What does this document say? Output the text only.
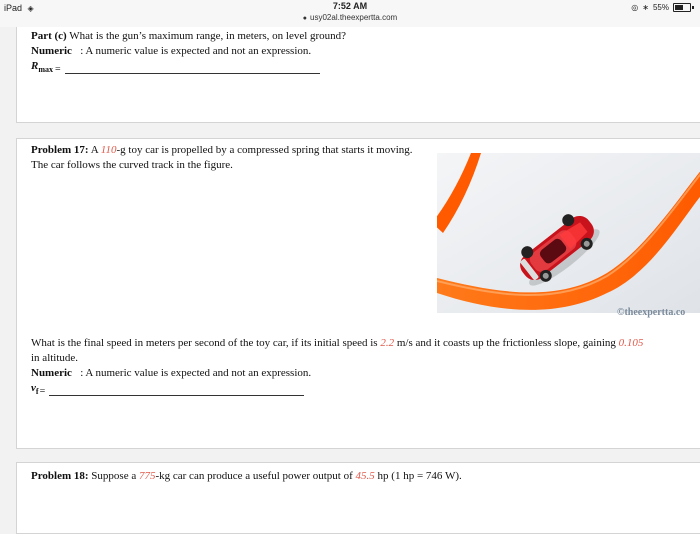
iPad ◈	7:52 AM
● usy02al.theexpertta.com
◎ ∗ 55%
Part (c) What is the gun’s maximum range, in meters, on level ground?
Numeric : A numeric value is expected and not an expression.
$R_{max}$ =
Problem 17: A 110-g toy car is propelled by a compressed spring that starts it moving. The car follows the curved track in the figure.
©theexpertta.co
What is the final speed in meters per second of the toy car, if its initial speed is 2.2 m/s and it coasts up the frictionless slope, gaining 0.105
in altitude.
Numeric : A numeric value is expected and not an expression.
$v_f$ =
Problem 18: Suppose a 775-kg car can produce a useful power output of 45.5 hp (1 hp = 746 W).
